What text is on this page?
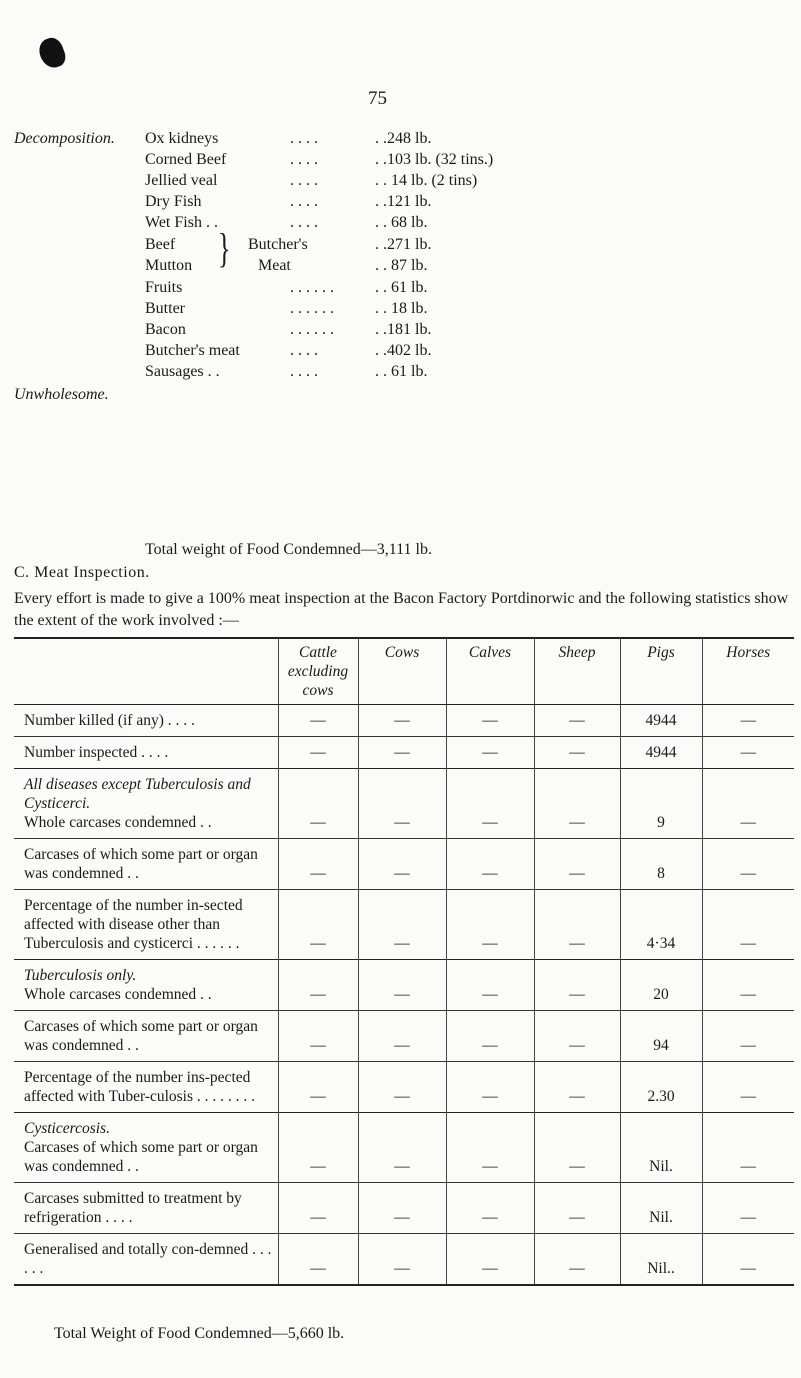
75
Decomposition.
Unwholesome.
Ox kidneys	. . . .	. .248 lb.
Corned Beef	. . . .	. .103 lb. (32 tins.)
Jellied veal	. . . .	. . 14 lb. (2 tins)
Dry Fish	. . . .	. .121 lb.
Wet Fish . .	. . . .	. . 68 lb.
Beef	Butcher's	. .271 lb.
Mutton	Meat	. . 87 lb.
Fruits	. . . . . .	. . 61 lb.
Butter	. . . . . .	. . 18 lb.
Bacon	. . . . . .	. .181 lb.
Butcher's meat	. . . .	. .402 lb.
Sausages . .	. . . .	. . 61 lb.
}
Total weight of Food Condemned—3,111 lb.
C. Meat Inspection.
Every effort is made to give a 100% meat inspection at the Bacon Factory Portdinorwic and the following statistics show the extent of the work involved :—
	Cattle excluding cows	Cows	Calves	Sheep	Pigs	Horses
Number killed (if any) . . . .	—	—	—	—	4944	—
Number inspected . . . .	—	—	—	—	4944	—

All diseases except Tuberculosis and Cysticerci.
Whole carcases condemned . .	—	—	—	—	9	—
Carcases of which some part or organ was condemned . .	—	—	—	—	8	—
Percentage of the number in-sected affected with disease other than Tuberculosis and cysticerci . . . . . .	—	—	—	—	4·34	—

Tuberculosis only.
Whole carcases condemned . .	—	—	—	—	20	—
Carcases of which some part or organ was condemned . .	—	—	—	—	94	—
Percentage of the number ins-pected affected with Tuber-culosis . . . . . . . .	—	—	—	—	2.30	—

Cysticercosis.
Carcases of which some part or organ was condemned . .	—	—	—	—	Nil.	—
Carcases submitted to treatment by refrigeration . . . .	—	—	—	—	Nil.	—
Generalised and totally con-demned . . . . . .	—	—	—	—	Nil..	—
Total Weight of Food Condemned—5,660 lb.
